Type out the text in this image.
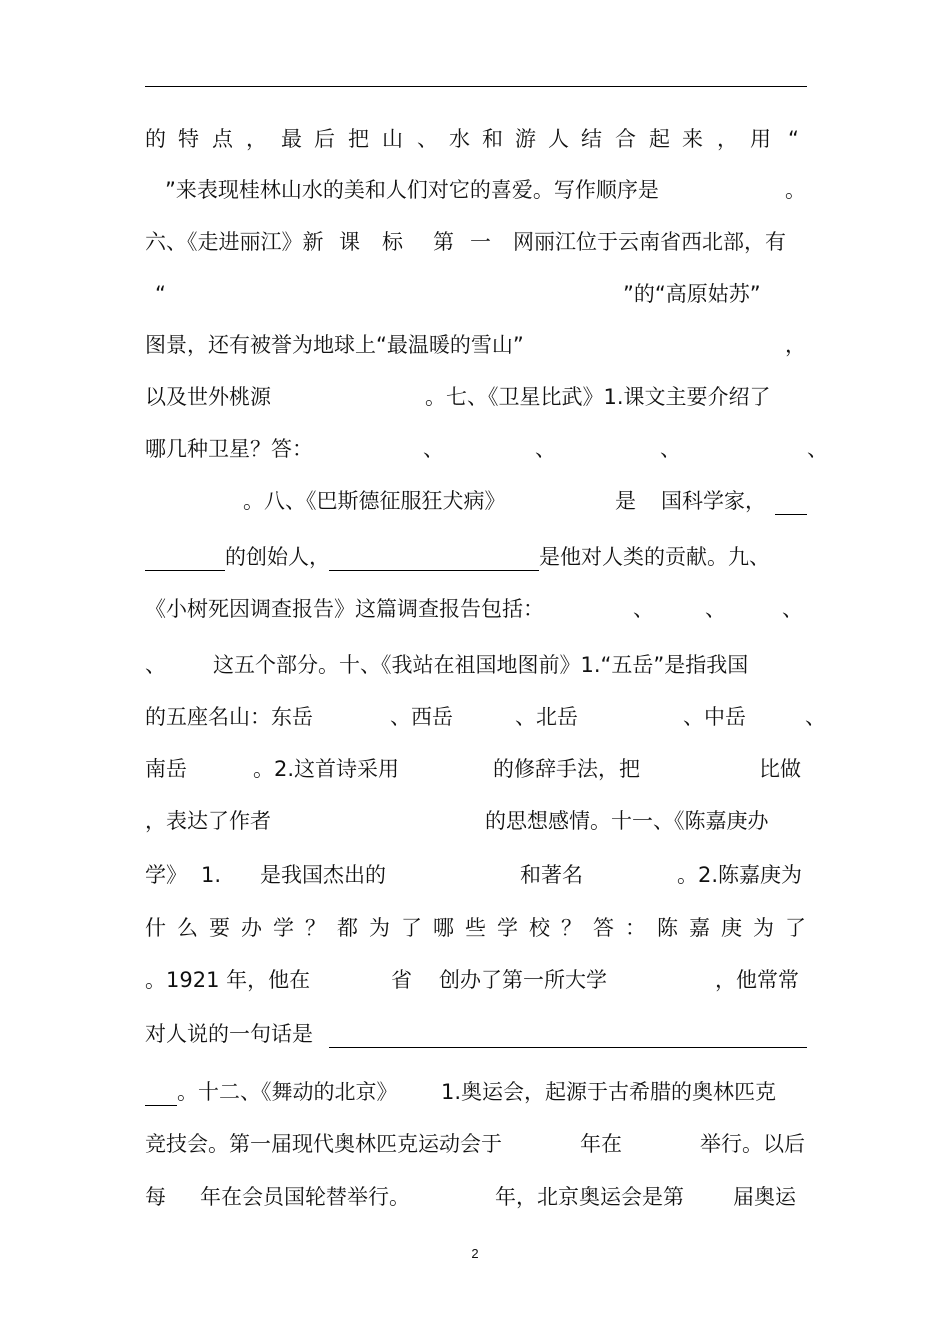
的 特 点 ， 最 后 把 山 、 水 和 游 人 结 合 起 来 ， 用 “
”来表现桂林山水的美和人们对它的喜爱。写作顺序是	。
六、《走进丽江》新 课 标 第 一 网丽江位于云南省西北部，有
“	”的“高原姑苏”
图景，还有被誉为地球上“最温暖的雪山”	，
以及世外桃源	。七、《卫星比武》1.课文主要介绍了
哪几种卫星？答：	、	、	、	、
。八、《巴斯德征服狂犬病》	是 国科学家，
的创始人，	是他对人类的贡献。九、
《小树死因调查报告》这篇调查报告包括：	、 、	、
、 这五个部分。十、《我站在祖国地图前》1.“五岳”是指我国
的五座名山：东岳	、西岳	、北岳	、中岳	、
南岳	。2.这首诗采用	的修辞手法，把	比做
，表达了作者	的思想感情。十一、《陈嘉庚办
学》 1. 是我国杰出的	和著名	。2.陈嘉庚为
什 么 要 办 学 ？ 都 为 了 哪 些 学 校 ？ 答 ： 陈 嘉 庚 为 了
。1921 年，他在	省 创办了第一所大学	，他常常
对人说的一句话是
。十二、《舞动的北京》 1.奥运会，起源于古希腊的奥林匹克
竞技会。第一届现代奥林匹克运动会于	年在	举行。以后
每 年在会员国轮替举行。	年，北京奥运会是第 届奥运
2
